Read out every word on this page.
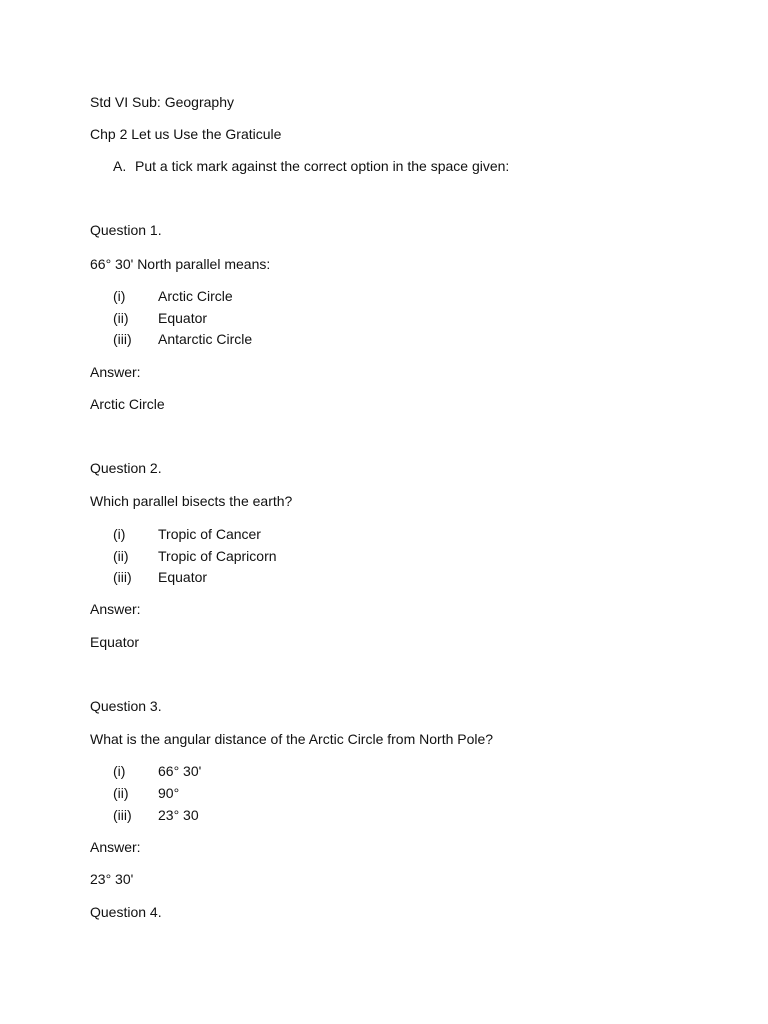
Std VI Sub: Geography
Chp 2 Let us Use the Graticule
A. Put a tick mark against the correct option in the space given:
Question 1.
66° 30' North parallel means:
(i) Arctic Circle
(ii) Equator
(iii) Antarctic Circle
Answer:
Arctic Circle
Question 2.
Which parallel bisects the earth?
(i) Tropic of Cancer
(ii) Tropic of Capricorn
(iii) Equator
Answer:
Equator
Question 3.
What is the angular distance of the Arctic Circle from North Pole?
(i) 66° 30'
(ii) 90°
(iii) 23° 30
Answer:
23° 30'
Question 4.
